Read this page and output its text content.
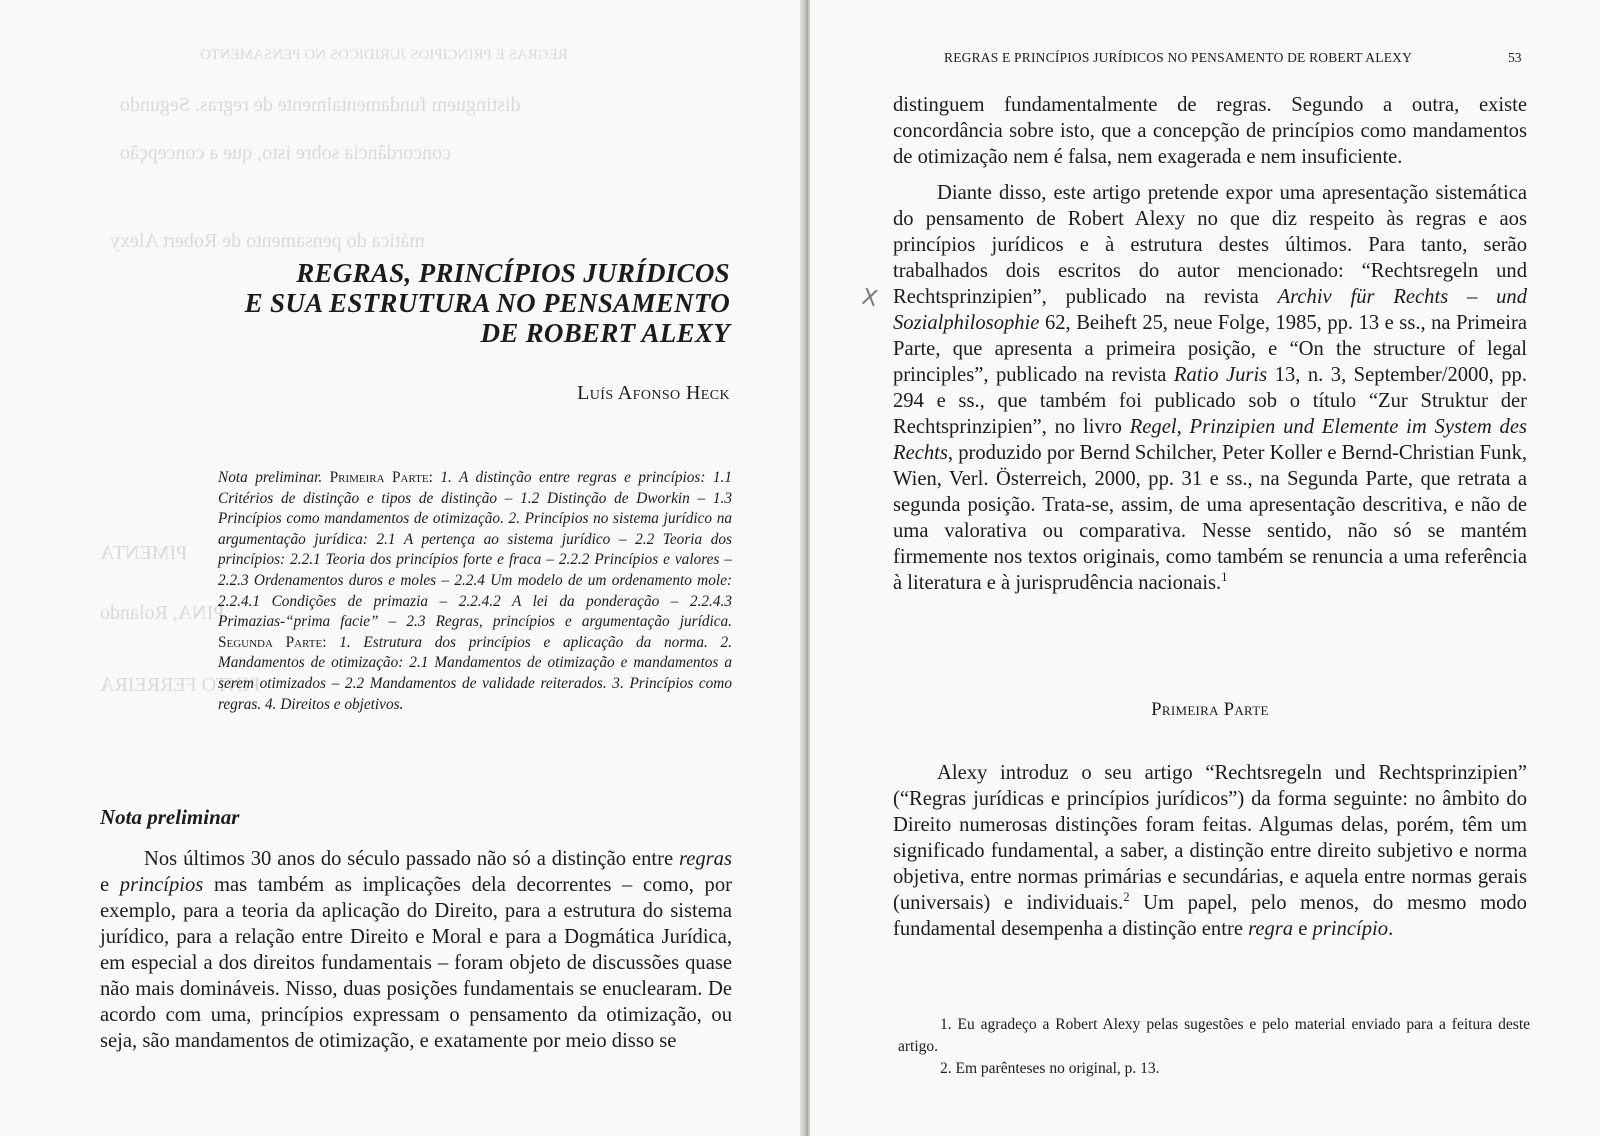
REGRAS E PRINCIPIOS JURIDICOS NO PENSAMENTO
distinguem fundamentalmente de regras. Segundo
concordância sobre isto, que a concepção
mática do pensamento de Robert Alexy
PIMENTA
PINA, Rolando
PINTO FERREIRA
REGRAS, PRINCÍPIOS JURÍDICOS
E SUA ESTRUTURA NO PENSAMENTO
DE ROBERT ALEXY
Luís Afonso Heck
Nota preliminar. Primeira Parte: 1. A distinção entre regras e princípios: 1.1 Critérios de distinção e tipos de distinção – 1.2 Distinção de Dworkin – 1.3 Princípios como mandamentos de otimização. 2. Princípios no sistema jurídico na argumentação jurídica: 2.1 A pertença ao sistema jurídico – 2.2 Teoria dos princípios: 2.2.1 Teoria dos princípios forte e fraca – 2.2.2 Princípios e valores – 2.2.3 Ordenamentos duros e moles – 2.2.4 Um modelo de um ordenamento mole: 2.2.4.1 Condições de primazia – 2.2.4.2 A lei da ponderação – 2.2.4.3 Primazias-“prima facie” – 2.3 Regras, princípios e argumentação jurídica. Segunda Parte: 1. Estrutura dos princípios e aplicação da norma. 2. Mandamentos de otimização: 2.1 Mandamentos de otimização e mandamentos a serem otimizados – 2.2 Mandamentos de validade reiterados. 3. Princípios como regras. 4. Direitos e objetivos.
Nota preliminar

Nos últimos 30 anos do século passado não só a distinção entre regras e princípios mas também as implicações dela decorrentes – como, por exemplo, para a teoria da aplicação do Direito, para a estrutura do sistema jurídico, para a relação entre Direito e Moral e para a Dogmática Jurídica, em especial a dos direitos fundamentais – foram objeto de discussões quase não mais domináveis. Nisso, duas posições fundamentais se enuclearam. De acordo com uma, princípios expressam o pensamento da otimização, ou seja, são mandamentos de otimização, e exatamente por meio disso se

REGRAS E PRINCÍPIOS JURÍDICOS NO PENSAMENTO DE ROBERT ALEXY	53
X

distinguem fundamentalmente de regras. Segundo a outra, existe concordância sobre isto, que a concepção de princípios como mandamentos de otimização nem é falsa, nem exagerada e nem insuficiente.

Diante disso, este artigo pretende expor uma apresentação sistemática do pensamento de Robert Alexy no que diz respeito às regras e aos princípios jurídicos e à estrutura destes últimos. Para tanto, serão trabalhados dois escritos do autor mencionado: “Rechtsregeln und Rechtsprinzipien”, publicado na revista Archiv für Rechts – und Sozialphilosophie 62, Beiheft 25, neue Folge, 1985, pp. 13 e ss., na Primeira Parte, que apresenta a primeira posição, e “On the structure of legal principles”, publicado na revista Ratio Juris 13, n. 3, September/2000, pp. 294 e ss., que também foi publicado sob o título “Zur Struktur der Rechtsprinzipien”, no livro Regel, Prinzipien und Elemente im System des Rechts, produzido por Bernd Schilcher, Peter Koller e Bernd-Christian Funk, Wien, Verl. Österreich, 2000, pp. 31 e ss., na Segunda Parte, que retrata a segunda posição. Trata-se, assim, de uma apresentação descritiva, e não de uma valorativa ou comparativa. Nesse sentido, não só se mantém firmemente nos textos originais, como também se renuncia a uma referência à literatura e à jurisprudência nacionais.$^1$

Primeira Parte

Alexy introduz o seu artigo “Rechtsregeln und Rechtsprinzipien” (“Regras jurídicas e princípios jurídicos”) da forma seguinte: no âmbito do Direito numerosas distinções foram feitas. Algumas delas, porém, têm um significado fundamental, a saber, a distinção entre direito subjetivo e norma objetiva, entre normas primárias e secundárias, e aquela entre normas gerais (universais) e individuais.$^2$ Um papel, pelo menos, do mesmo modo fundamental desempenha a distinção entre regra e princípio.

1. Eu agradeço a Robert Alexy pelas sugestões e pelo material enviado para a feitura deste artigo.

2. Em parênteses no original, p. 13.
